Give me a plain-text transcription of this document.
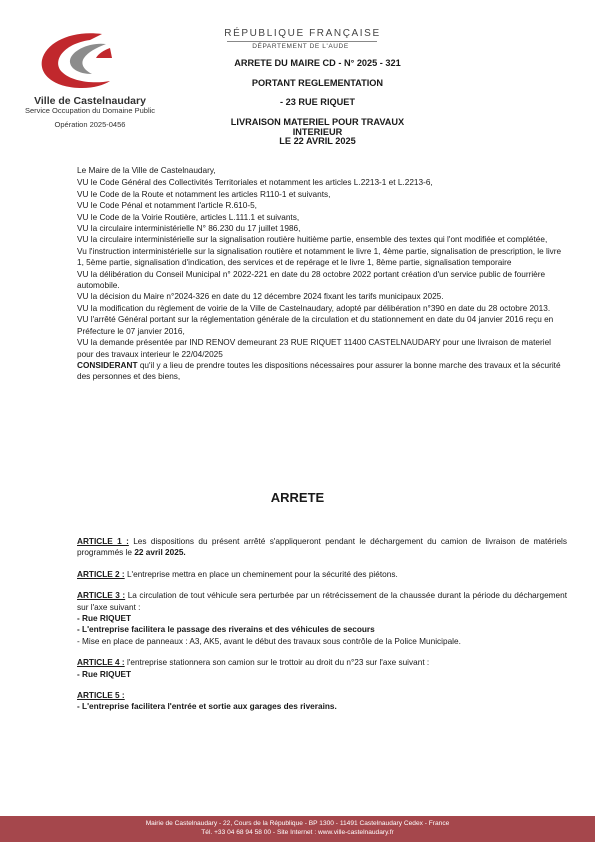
Ville de Castelnaudary
Service Occupation du Domaine Public
Opération 2025-0456
RÉPUBLIQUE FRANÇAISE
DÉPARTEMENT DE L'AUDE
ARRETE DU MAIRE CD - N° 2025 - 321
PORTANT REGLEMENTATION
- 23 RUE RIQUET
LIVRAISON MATERIEL POUR TRAVAUX INTERIEUR
LE 22 AVRIL 2025

Le Maire de la Ville de Castelnaudary,

VU le Code Général des Collectivités Territoriales et notamment les articles L.2213-1 et L.2213-6,

VU le Code de la Route et notamment les articles R110-1 et suivants,

VU le Code Pénal et notamment l'article R.610-5,

VU le Code de la Voirie Routière, articles L.111.1 et suivants,

VU la circulaire interministérielle N° 86.230 du 17 juillet 1986,

VU la circulaire interministérielle sur la signalisation routière huitième partie, ensemble des textes qui l'ont modifiée et complétée,

Vu l'instruction interministérielle sur la signalisation routière et notamment le livre 1, 4ème partie, signalisation de prescription, le livre 1, 5ème partie, signalisation d'indication, des services et de repérage et le livre 1, 8ème partie, signalisation temporaire

VU la délibération du Conseil Municipal n° 2022-221 en date du 28 octobre 2022 portant création d'un service public de fourrière automobile.

VU la décision du Maire n°2024-326 en date du 12 décembre 2024 fixant les tarifs municipaux 2025.

VU la modification du règlement de voirie de la Ville de Castelnaudary, adopté par délibération n°390 en date du 28 octobre 2013.

VU l'arrêté Général portant sur la réglementation générale de la circulation et du stationnement en date du 04 janvier 2016 reçu en Préfecture le 07 janvier 2016,

VU la demande présentée par IND RENOV demeurant 23 RUE RIQUET 11400 CASTELNAUDARY pour une livraison de materiel pour des travaux interieur le 22/04/2025

CONSIDERANT qu'il y a lieu de prendre toutes les dispositions nécessaires pour assurer la bonne marche des travaux et la sécurité des personnes et des biens,

ARRETE

ARTICLE 1 : Les dispositions du présent arrêté s'appliqueront pendant le déchargement du camion de livraison de matériels programmés le 22 avril 2025.

ARTICLE 2 : L'entreprise mettra en place un cheminement pour la sécurité des piétons.

ARTICLE 3 : La circulation de tout véhicule sera perturbée par un rétrécissement de la chaussée durant la période du déchargement sur l'axe suivant :

- Rue RIQUET

- L'entreprise facilitera le passage des riverains et des véhicules de secours

- Mise en place de panneaux : A3, AK5, avant le début des travaux sous contrôle de la Police Municipale.

ARTICLE 4 : l'entreprise stationnera son camion sur le trottoir au droit du n°23 sur l'axe suivant :

- Rue RIQUET

ARTICLE 5 :

- L'entreprise facilitera l'entrée et sortie aux garages des riverains.

Mairie de Castelnaudary - 22, Cours de la République - BP 1300 - 11491 Castelnaudary Cedex - France
Tél. +33 04 68 94 58 00 - Site Internet : www.ville-castelnaudary.fr
